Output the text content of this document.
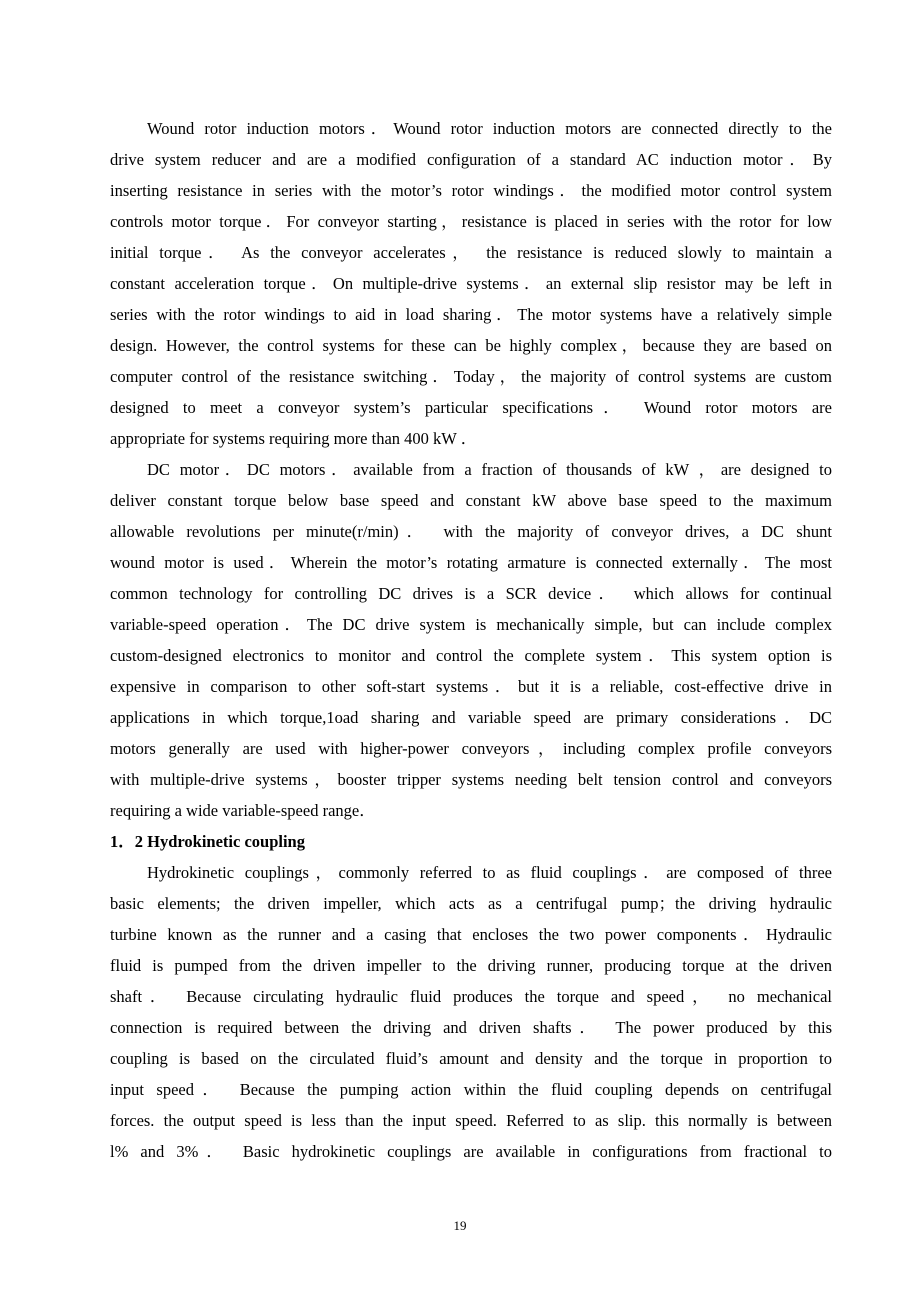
Wound rotor induction motors．Wound rotor induction motors are connected directly to the
drive system reducer and are a modified configuration of a standard AC induction motor．By
inserting resistance in series with the motor’s rotor windings．the modified motor control system
controls motor torque．For conveyor starting，resistance is placed in series with the rotor for low
initial torque． As the conveyor accelerates， the resistance is reduced slowly to maintain a
constant acceleration torque．On multiple-drive systems．an external slip resistor may be left in
series with the rotor windings to aid in load sharing．The motor systems have a relatively simple
design. However, the control systems for these can be highly complex，because they are based on
computer control of the resistance switching．Today，the majority of control systems are custom
designed to meet a conveyor system’s particular specifications． Wound rotor motors are
appropriate for systems requiring more than 400 kW ．
DC motor．DC motors．available from a fraction of thousands of kW ，are designed to
deliver constant torque below base speed and constant kW above base speed to the maximum
allowable revolutions per minute(r/min)． with the majority of conveyor drives, a DC shunt
wound motor is used．Wherein the motor’s rotating armature is connected externally．The most
common technology for controlling DC drives is a SCR device． which allows for continual
variable-speed operation．The DC drive system is mechanically simple, but can include complex
custom-designed electronics to monitor and control the complete system．This system option is
expensive in comparison to other soft-start systems．but it is a reliable, cost-effective drive in
applications in which torque,1oad sharing and variable speed are primary considerations．DC
motors generally are used with higher-power conveyors，including complex profile conveyors
with multiple-drive systems，booster tripper systems needing belt tension control and conveyors
requiring a wide variable-speed range．
1．2 Hydrokinetic coupling
Hydrokinetic couplings，commonly referred to as fluid couplings．are composed of three
basic elements; the driven impeller, which acts as a centrifugal pump；the driving hydraulic
turbine known as the runner and a casing that encloses the two power components．Hydraulic
fluid is pumped from the driven impeller to the driving runner, producing torque at the driven
shaft． Because circulating hydraulic fluid produces the torque and speed， no mechanical
connection is required between the driving and driven shafts． The power produced by this
coupling is based on the circulated fluid’s amount and density and the torque in proportion to
input speed． Because the pumping action within the fluid coupling depends on centrifugal
forces. the output speed is less than the input speed. Referred to as slip. this normally is between
l% and 3%． Basic hydrokinetic couplings are available in configurations from fractional to
19
